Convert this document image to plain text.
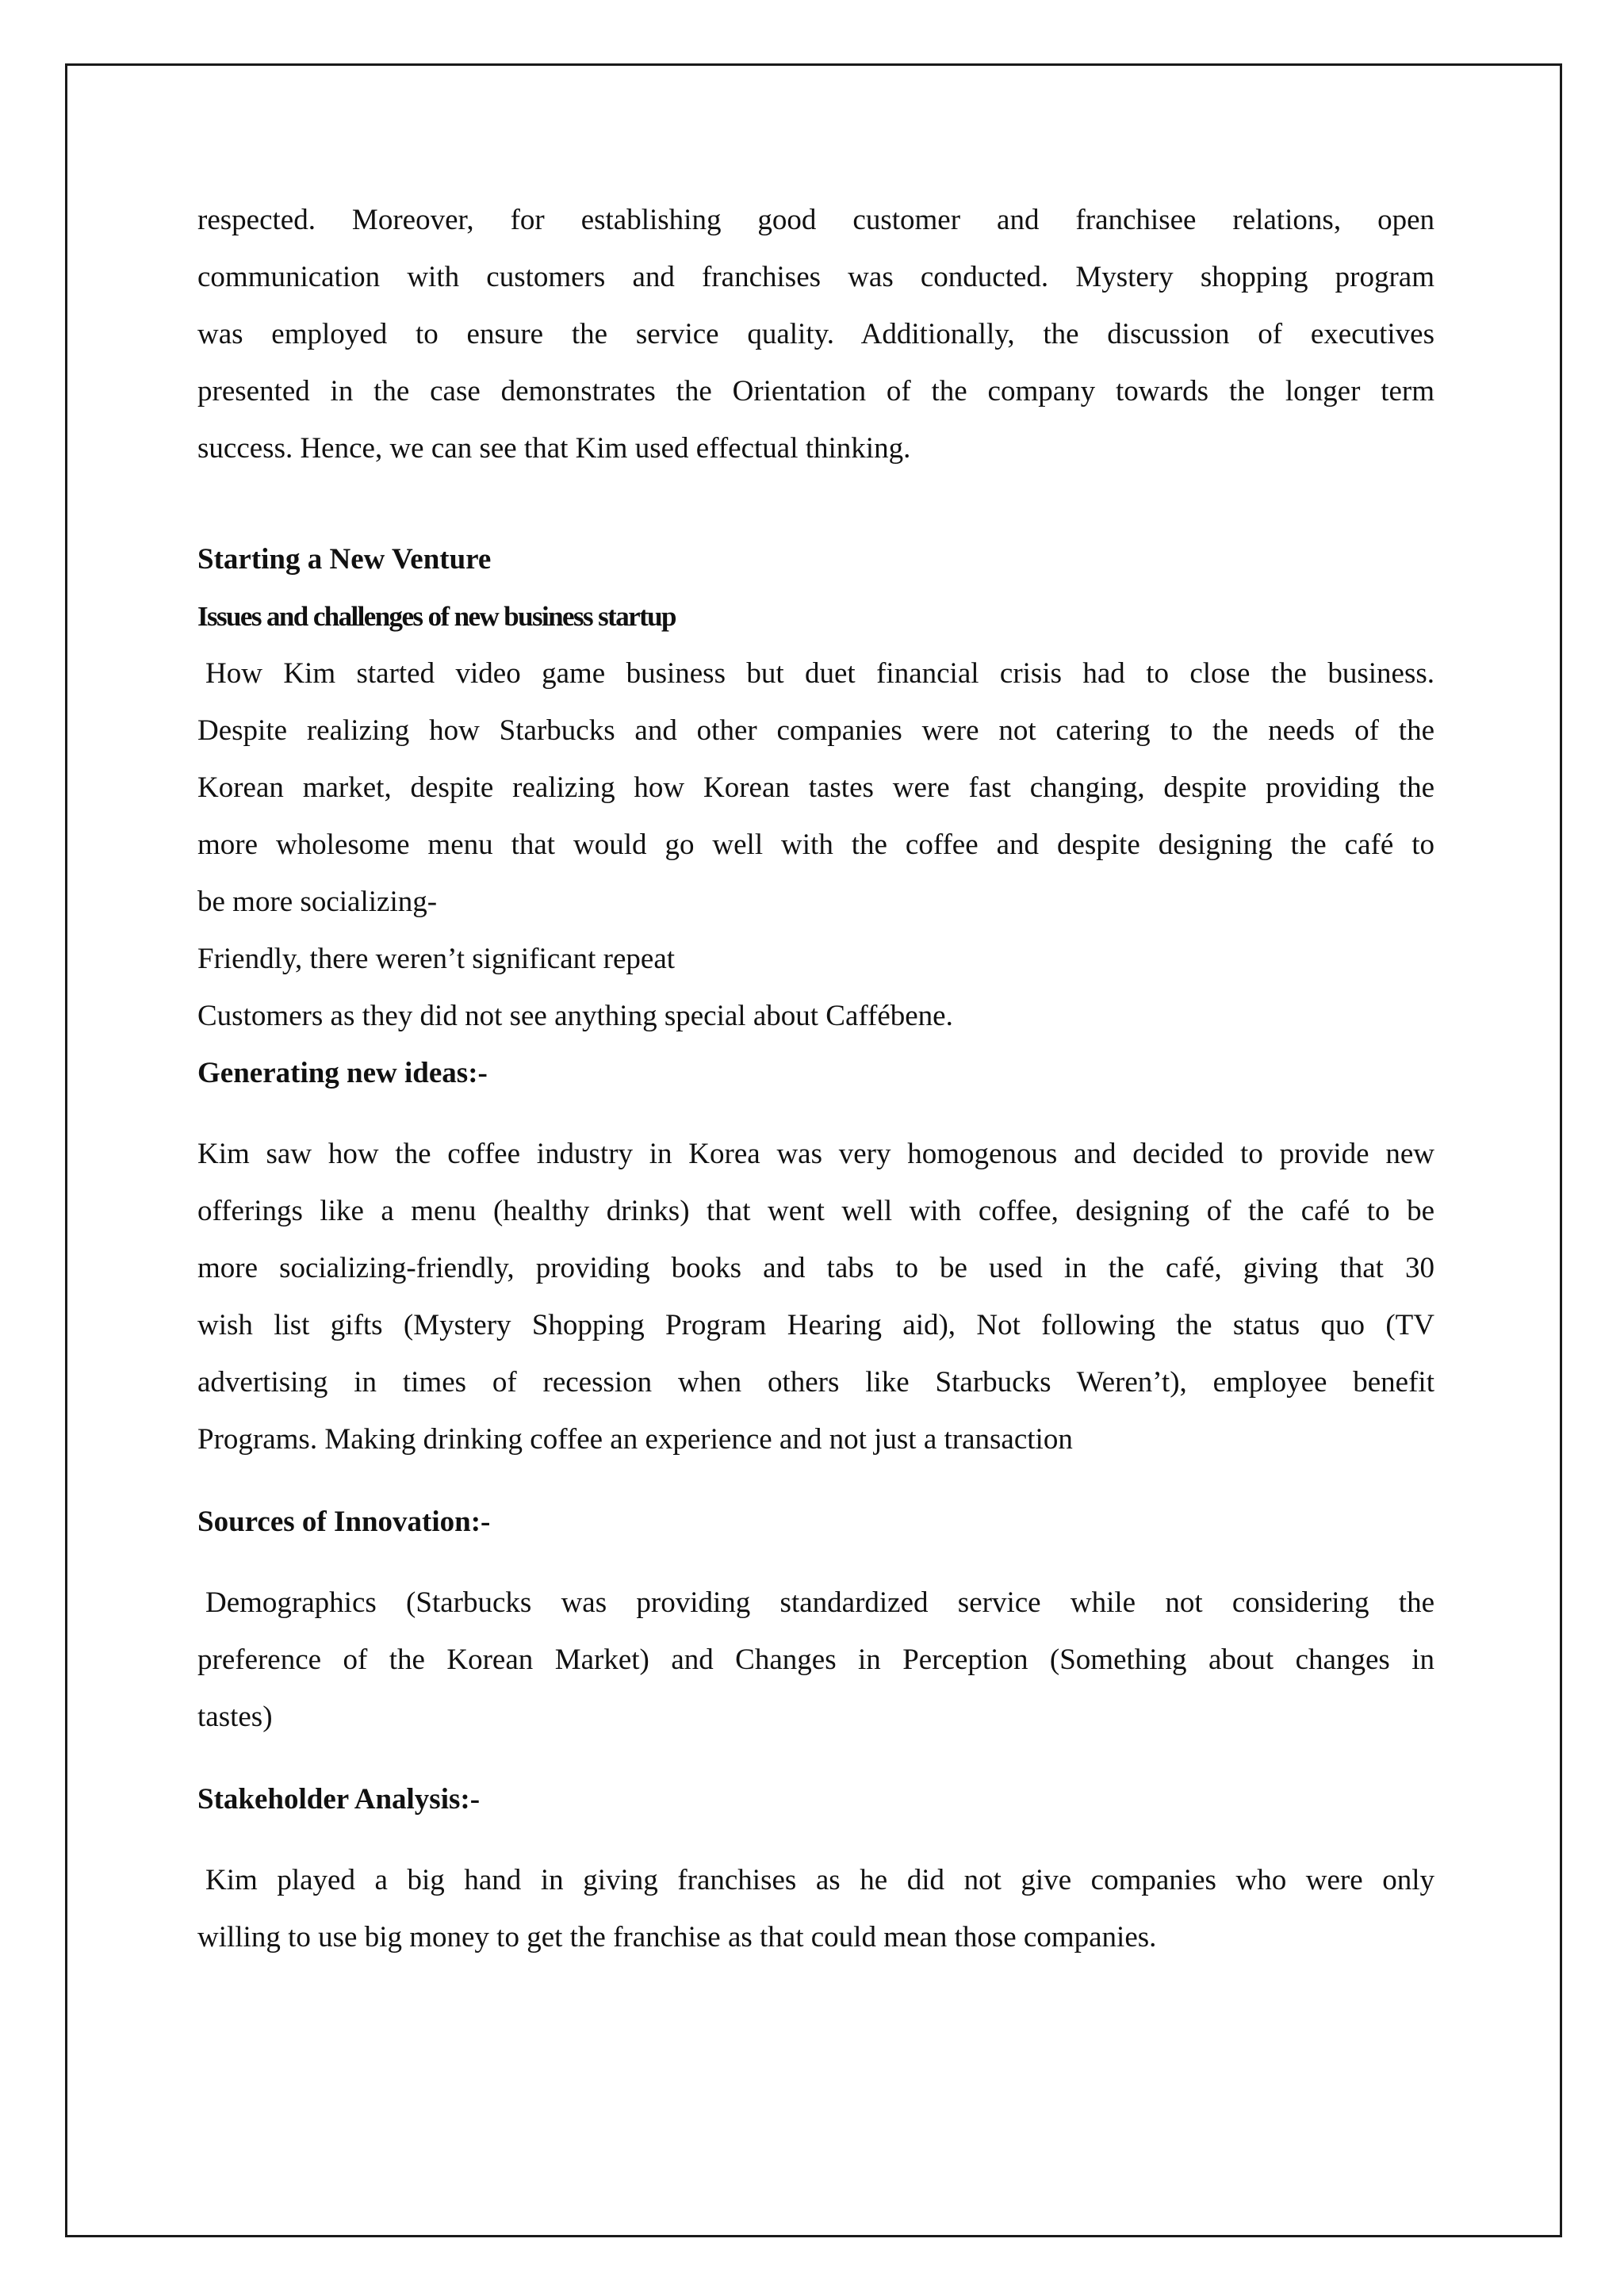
respected. Moreover, for establishing good customer and franchisee relations, open

communication with customers and franchises was conducted. Mystery shopping program

was employed to ensure the service quality. Additionally, the discussion of executives

presented in the case demonstrates the Orientation of the company towards the longer term

success. Hence, we can see that Kim used effectual thinking.

Starting a New Venture

Issues and challenges of new business startup

How Kim started video game business but duet financial crisis had to close the business.

Despite realizing how Starbucks and other companies were not catering to the needs of the

Korean market, despite realizing how Korean tastes were fast changing, despite providing the

more wholesome menu that would go well with the coffee and despite designing the café to

be more socializing-

Friendly, there weren’t significant repeat

Customers as they did not see anything special about Caffébene.

Generating new ideas:-

Kim saw how the coffee industry in Korea was very homogenous and decided to provide new

offerings like a menu (healthy drinks) that went well with coffee, designing of the café to be

more socializing-friendly, providing books and tabs to be used in the café, giving that 30

wish list gifts (Mystery Shopping Program Hearing aid), Not following the status quo (TV

advertising in times of recession when others like Starbucks Weren’t), employee benefit

Programs. Making drinking coffee an experience and not just a transaction

Sources of Innovation:-

Demographics (Starbucks was providing standardized service while not considering the

preference of the Korean Market) and Changes in Perception (Something about changes in

tastes)

Stakeholder Analysis:-

Kim played a big hand in giving franchises as he did not give companies who were only

willing to use big money to get the franchise as that could mean those companies.
